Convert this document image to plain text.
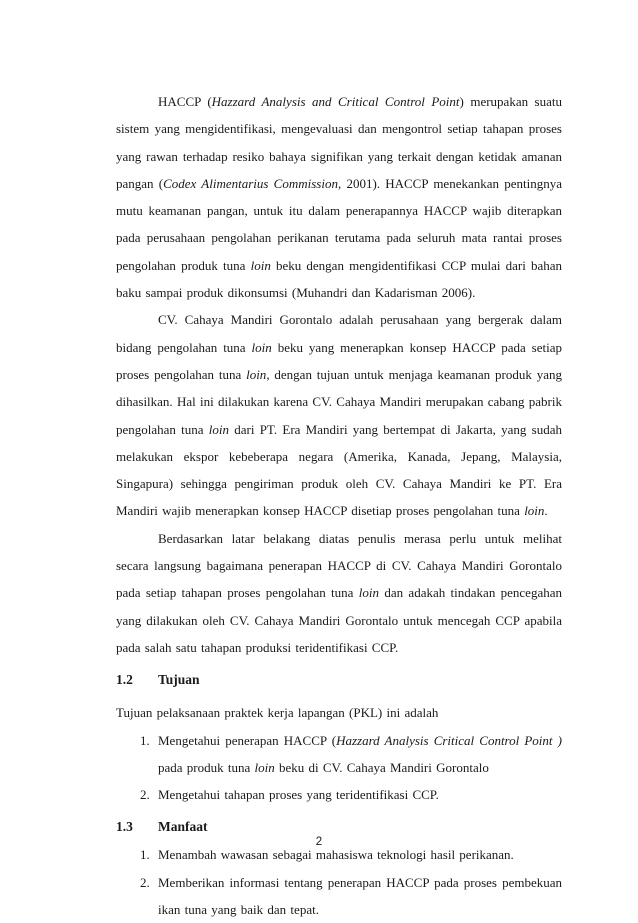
HACCP (Hazzard Analysis and Critical Control Point) merupakan suatu sistem yang mengidentifikasi, mengevaluasi dan mengontrol setiap tahapan proses yang rawan terhadap resiko bahaya signifikan yang terkait dengan ketidak amanan pangan (Codex Alimentarius Commission, 2001). HACCP menekankan pentingnya mutu keamanan pangan, untuk itu dalam penerapannya HACCP wajib diterapkan pada perusahaan pengolahan perikanan terutama pada seluruh mata rantai proses pengolahan produk tuna loin beku dengan mengidentifikasi CCP mulai dari bahan baku sampai produk dikonsumsi (Muhandri dan Kadarisman 2006).

CV. Cahaya Mandiri Gorontalo adalah perusahaan yang bergerak dalam bidang pengolahan tuna loin beku yang menerapkan konsep HACCP pada setiap proses pengolahan tuna loin, dengan tujuan untuk menjaga keamanan produk yang dihasilkan. Hal ini dilakukan karena CV. Cahaya Mandiri merupakan cabang pabrik pengolahan tuna loin dari PT. Era Mandiri yang bertempat di Jakarta, yang sudah melakukan ekspor kebeberapa negara (Amerika, Kanada, Jepang, Malaysia, Singapura) sehingga pengiriman produk oleh CV. Cahaya Mandiri ke PT. Era Mandiri wajib menerapkan konsep HACCP disetiap proses pengolahan tuna loin.

Berdasarkan latar belakang diatas penulis merasa perlu untuk melihat secara langsung bagaimana penerapan HACCP di CV. Cahaya Mandiri Gorontalo pada setiap tahapan proses pengolahan tuna loin dan adakah tindakan pencegahan yang dilakukan oleh CV. Cahaya Mandiri Gorontalo untuk mencegah CCP apabila pada salah satu tahapan produksi teridentifikasi CCP.

1.2 Tujuan

Tujuan pelaksanaan praktek kerja lapangan (PKL) ini adalah

1. Mengetahui penerapan HACCP (Hazzard Analysis Critical Control Point ) pada produk tuna loin beku di CV. Cahaya Mandiri Gorontalo

2. Mengetahui tahapan proses yang teridentifikasi CCP.

1.3 Manfaat
1. Menambah wawasan sebagai mahasiswa teknologi hasil perikanan.

2. Memberikan informasi tentang penerapan HACCP pada proses pembekuan ikan tuna yang baik dan tepat.

2
